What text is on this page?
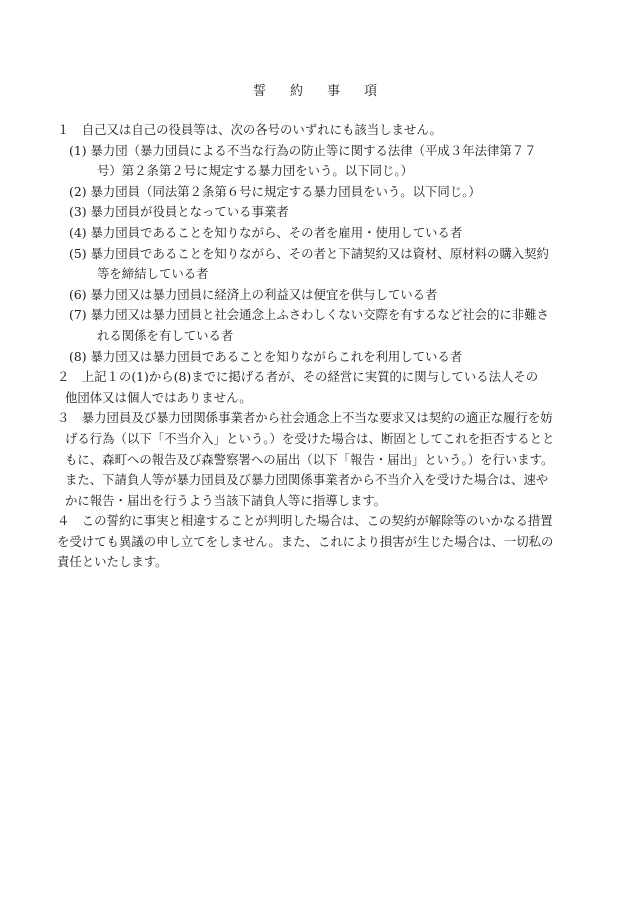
誓 約 事 項
１　自己又は自己の役員等は、次の各号のいずれにも該当しません。
(1) 暴力団（暴力団員による不当な行為の防止等に関する法律（平成３年法律第７７
号）第２条第２号に規定する暴力団をいう。以下同じ。）
(2) 暴力団員（同法第２条第６号に規定する暴力団員をいう。以下同じ。）
(3) 暴力団員が役員となっている事業者
(4) 暴力団員であることを知りながら、その者を雇用・使用している者
(5) 暴力団員であることを知りながら、その者と下請契約又は資材、原材料の購入契約
等を締結している者
(6) 暴力団又は暴力団員に経済上の利益又は便宜を供与している者
(7) 暴力団又は暴力団員と社会通念上ふさわしくない交際を有するなど社会的に非難さ
れる関係を有している者
(8) 暴力団又は暴力団員であることを知りながらこれを利用している者
２　上記１の(1)から(8)までに掲げる者が、その経営に実質的に関与している法人その
他団体又は個人ではありません。
３　暴力団員及び暴力団関係事業者から社会通念上不当な要求又は契約の適正な履行を妨
げる行為（以下「不当介入」という。）を受けた場合は、断固としてこれを拒否するとと
もに、森町への報告及び森警察署への届出（以下「報告・届出」という。）を行います。
また、下請負人等が暴力団員及び暴力団関係事業者から不当介入を受けた場合は、速や
かに報告・届出を行うよう当該下請負人等に指導します。
４　この誓約に事実と相違することが判明した場合は、この契約が解除等のいかなる措置
を受けても異議の申し立てをしません。また、これにより損害が生じた場合は、一切私の
責任といたします。
